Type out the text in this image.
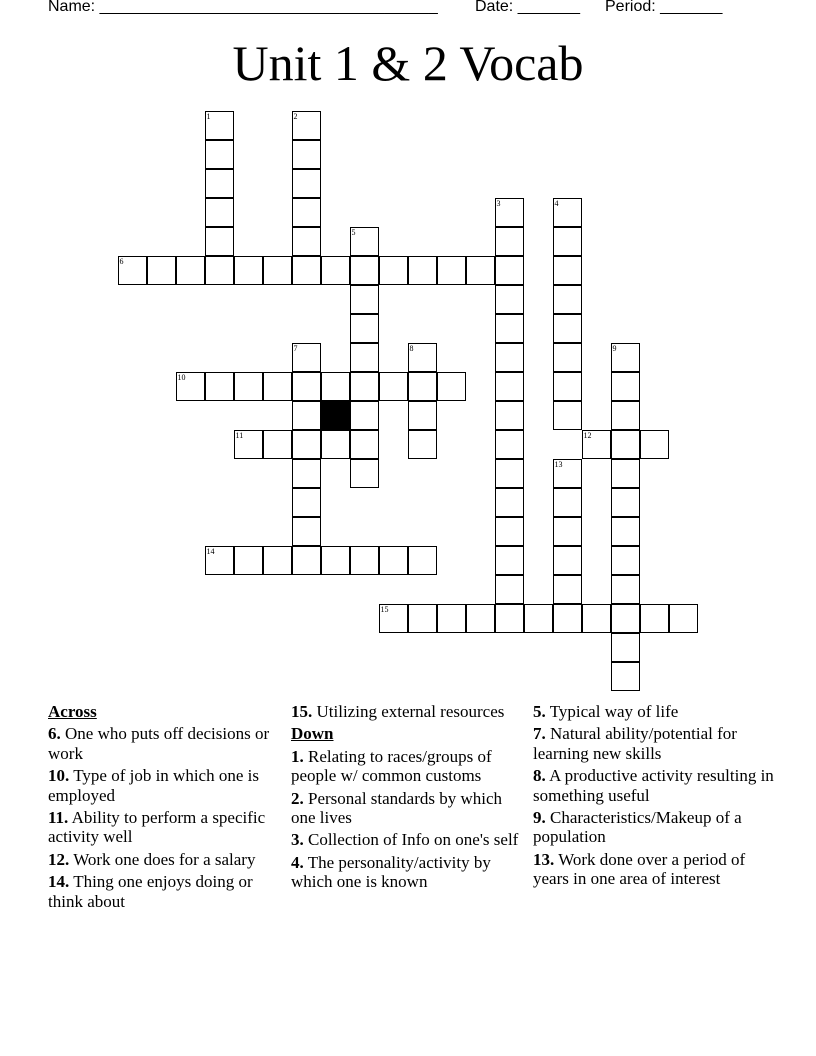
Name: ______________________________________ Date: _______ Period: _______
Unit 1 & 2 Vocab
1	2
3	4
5
6
7	8	9
10
11	12
13
14
15
Across
6. One who puts off decisions or work
10. Type of job in which one is employed
11. Ability to perform a specific activity well
12. Work one does for a salary
14. Thing one enjoys doing or think about
15. Utilizing external resources
Down
1. Relating to races/groups of people w/ common customs
2. Personal standards by which one lives
3. Collection of Info on one's self
4. The personality/activity by which one is known
5. Typical way of life
7. Natural ability/potential for learning new skills
8. A productive activity resulting in something useful
9. Characteristics/Makeup of a population
13. Work done over a period of years in one area of interest
